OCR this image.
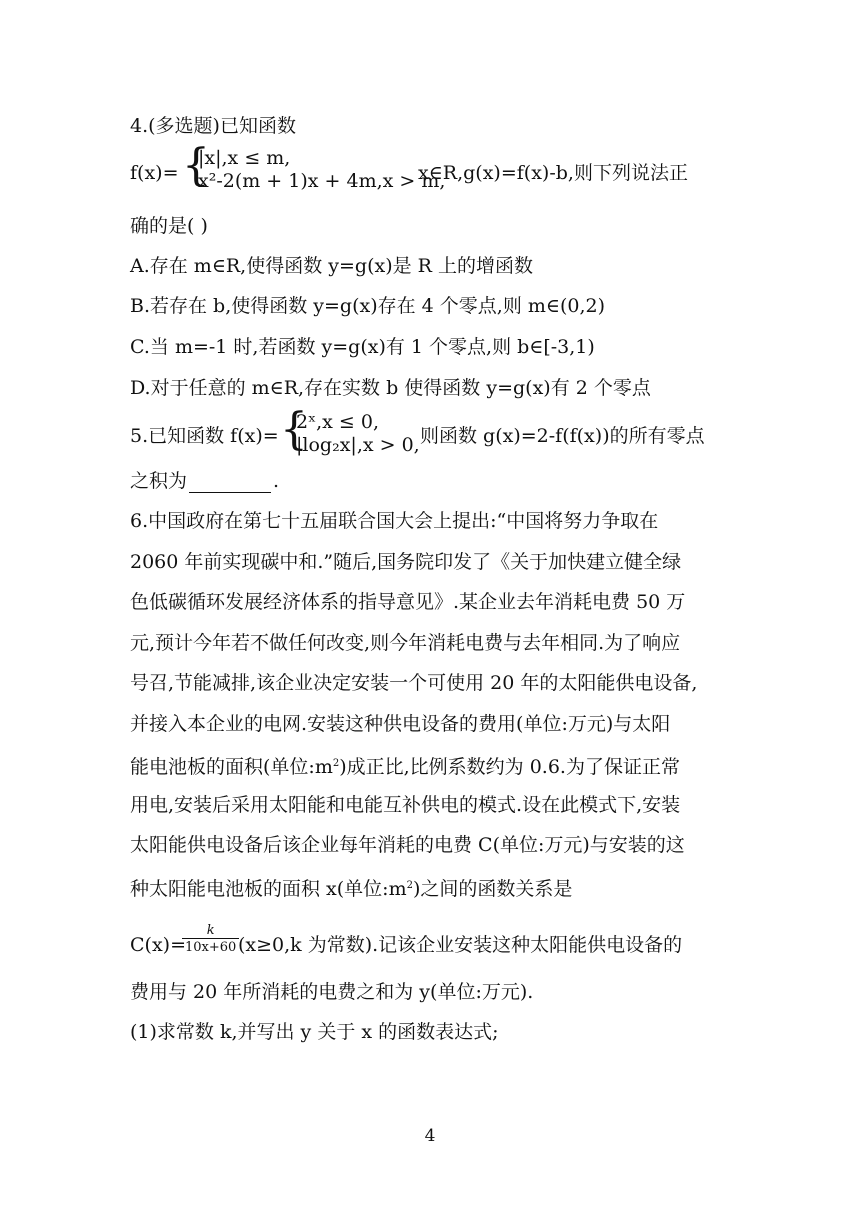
4.(多选题)已知函数
f(x)= {
|x|,x ≤ m,
x²-2(m + 1)x + 4m,x > m,
x∈R,g(x)=f(x)-b,则下列说法正
确的是( )
A.存在 m∈R,使得函数 y=g(x)是 R 上的增函数
B.若存在 b,使得函数 y=g(x)存在 4 个零点,则 m∈(0,2)
C.当 m=-1 时,若函数 y=g(x)有 1 个零点,则 b∈[-3,1)
D.对于任意的 m∈R,存在实数 b 使得函数 y=g(x)有 2 个零点
5.已知函数 f(x)= {
2ˣ,x ≤ 0,
|log₂x|,x > 0, 则函数 g(x)=2-f(f(x))的所有零点
之积为	.
6.中国政府在第七十五届联合国大会上提出:“中国将努力争取在
2060 年前实现碳中和.”随后,国务院印发了《关于加快建立健全绿
色低碳循环发展经济体系的指导意见》.某企业去年消耗电费 50 万
元,预计今年若不做任何改变,则今年消耗电费与去年相同.为了响应
号召,节能减排,该企业决定安装一个可使用 20 年的太阳能供电设备,
并接入本企业的电网.安装这种供电设备的费用(单位:万元)与太阳
能电池板的面积(单位$:m^2$)成正比,比例系数约为 0.6.为了保证正常
用电,安装后采用太阳能和电能互补供电的模式.设在此模式下,安装
太阳能供电设备后该企业每年消耗的电费 C(单位:万元)与安装的这
种太阳能电池板的面积 x(单位$:m^2$)之间的函数关系是
C(x)=
$\frac{k}{10x+60}$
(x≥0,k 为常数).记该企业安装这种太阳能供电设备的
费用与 20 年所消耗的电费之和为 y(单位:万元).
(1)求常数 k,并写出 y 关于 x 的函数表达式;
4
